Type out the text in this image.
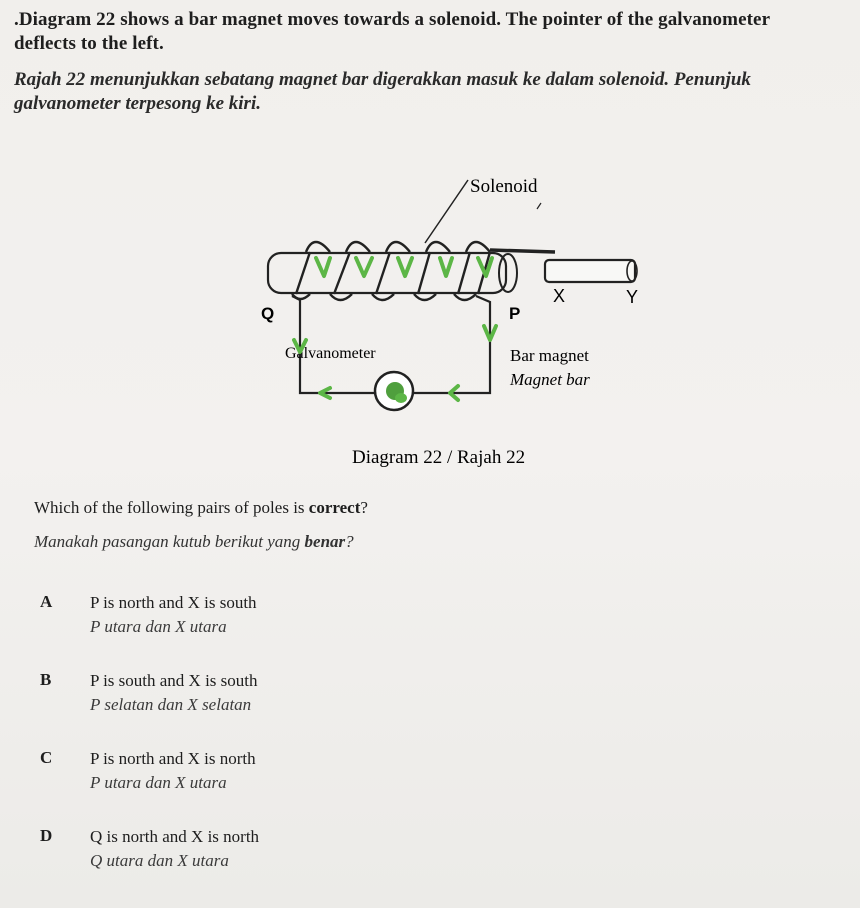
.Diagram 22 shows a bar magnet moves towards a solenoid. The pointer of the galvanometer
deflects to the left.

Rajah 22 menunjukkan sebatang magnet bar digerakkan masuk ke dalam solenoid. Penunjuk
galvanometer terpesong ke kiri.

Solenoid
Galvanometer
Q	P
X	Y
Bar magnet
Magnet bar
Diagram 22 / Rajah 22

Which of the following pairs of poles is correct?

Manakah pasangan kutub berikut yang benar?

A	P is north and X is south
P utara dan X utara
B	P is south and X is south
P selatan dan X selatan
C	P is north and X is north
P utara dan X utara
D	Q is north and X is north
Q utara dan X utara
